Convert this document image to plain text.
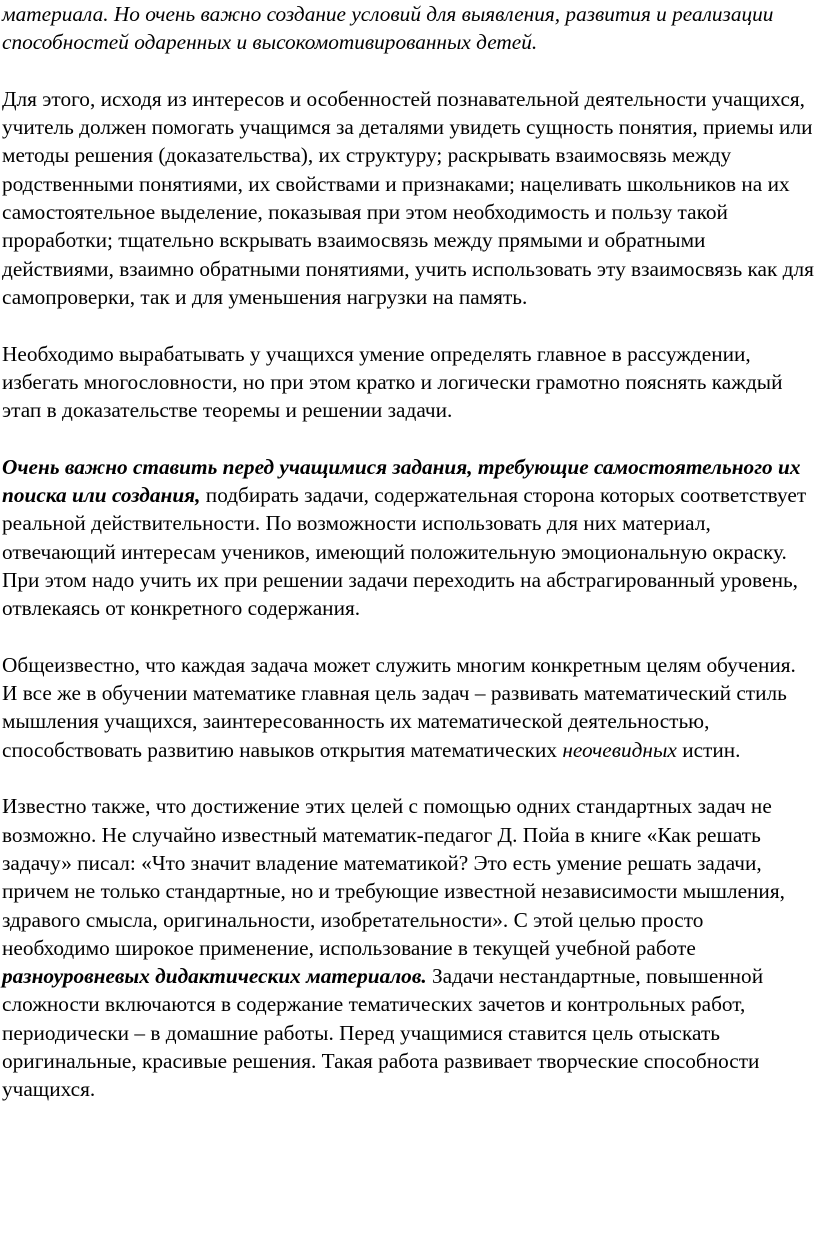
материала. Но очень важно создание условий для выявления, развития и реализации способностей одаренных и высокомотивированных детей.

Для этого, исходя из интересов и особенностей познавательной деятельности учащихся, учитель должен помогать учащимся за деталями увидеть сущность понятия, приемы или методы решения (доказательства), их структуру; раскрывать взаимосвязь между родственными понятиями, их свойствами и признаками; нацеливать школьников на их самостоятельное выделение, показывая при этом необходимость и пользу такой проработки; тщательно вскрывать взаимосвязь между прямыми и обратными действиями, взаимно обратными понятиями, учить использовать эту взаимосвязь как для самопроверки, так и для уменьшения нагрузки на память.

Необходимо вырабатывать у учащихся умение определять главное в рассуждении, избегать многословности, но при этом кратко и логически грамотно пояснять каждый этап в доказательстве теоремы и решении задачи.

Очень важно ставить перед учащимися задания, требующие самостоятельного их поиска или создания, подбирать задачи, содержательная сторона которых соответствует реальной действительности. По возможности использовать для них материал, отвечающий интересам учеников, имеющий положительную эмоциональную окраску. При этом надо учить их при решении задачи переходить на абстрагированный уровень, отвлекаясь от конкретного содержания.

Общеизвестно, что каждая задача может служить многим конкретным целям обучения. И все же в обучении математике главная цель задач – развивать математический стиль мышления учащихся, заинтересованность их математической деятельностью, способствовать развитию навыков открытия математических неочевидных истин.

Известно также, что достижение этих целей с помощью одних стандартных задач не возможно. Не случайно известный математик-педагог Д. Пойа в книге «Как решать задачу» писал: «Что значит владение математикой? Это есть умение решать задачи, причем не только стандартные, но и требующие известной независимости мышления, здравого смысла, оригинальности, изобретательности». С этой целью просто необходимо широкое применение, использование в текущей учебной работе разноуровневых дидактических материалов. Задачи нестандартные, повышенной сложности включаются в содержание тематических зачетов и контрольных работ, периодически – в домашние работы. Перед учащимися ставится цель отыскать оригинальные, красивые решения. Такая работа развивает творческие способности учащихся.
